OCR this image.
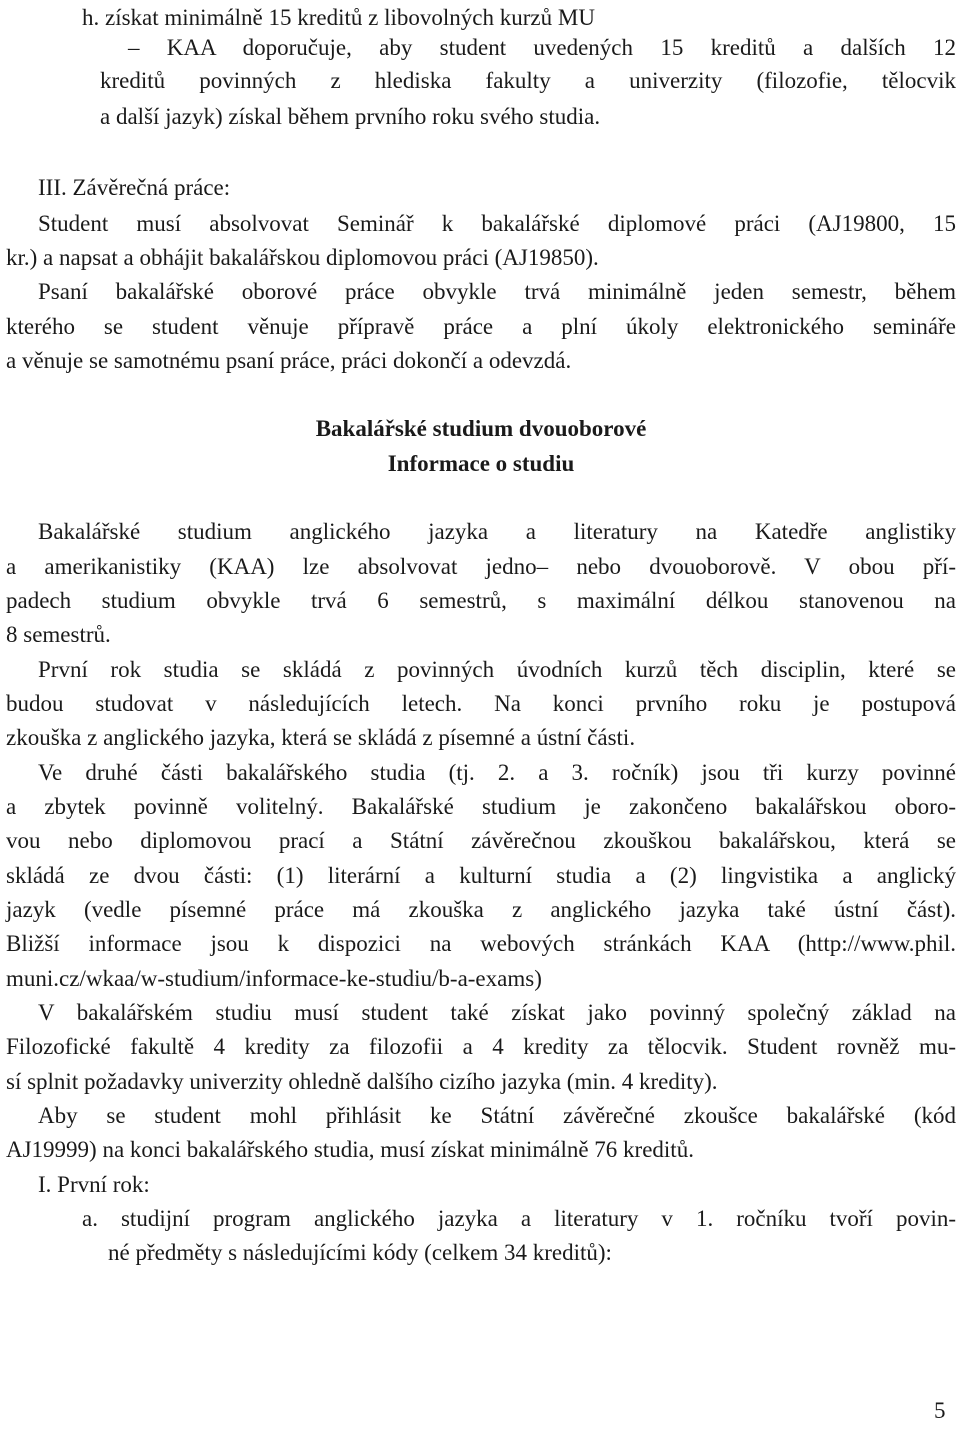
h. získat minimálně 15 kreditů z libovolných kurzů MU
– KAA doporučuje, aby student uvedených 15 kreditů a dalších 12
kreditů povinných z hlediska fakulty a univerzity (filozofie, tělocvik
a další jazyk) získal během prvního roku svého studia.
III. Závěrečná práce:
Student musí absolvovat Seminář k bakalářské diplomové práci (AJ19800, 15
kr.) a napsat a obhájit bakalářskou diplomovou práci (AJ19850).
Psaní bakalářské oborové práce obvykle trvá minimálně jeden semestr, během
kterého se student věnuje přípravě práce a plní úkoly elektronického semináře
a věnuje se samotnému psaní práce, práci dokončí a odevzdá.
Bakalářské studium dvouoborové
Informace o studiu
Bakalářské studium anglického jazyka a literatury na Katedře anglistiky
a amerikanistiky (KAA) lze absolvovat jedno– nebo dvouoborově. V obou pří-
padech studium obvykle trvá 6 semestrů, s maximální délkou stanovenou na
8 semestrů.
První rok studia se skládá z povinných úvodních kurzů těch disciplin, které se
budou studovat v následujících letech. Na konci prvního roku je postupová
zkouška z anglického jazyka, která se skládá z písemné a ústní části.
Ve druhé části bakalářského studia (tj. 2. a 3. ročník) jsou tři kurzy povinné
a zbytek povinně volitelný. Bakalářské studium je zakončeno bakalářskou oboro-
vou nebo diplomovou prací a Státní závěrečnou zkouškou bakalářskou, která se
skládá ze dvou části: (1) literární a kulturní studia a (2) lingvistika a anglický
jazyk (vedle písemné práce má zkouška z anglického jazyka také ústní část).
Bližší informace jsou k dispozici na webových stránkách KAA (http://www.phil.
muni.cz/wkaa/w-studium/informace-ke-studiu/b-a-exams)
V bakalářském studiu musí student také získat jako povinný společný základ na
Filozofické fakultě 4 kredity za filozofii a 4 kredity za tělocvik. Student rovněž mu-
sí splnit požadavky univerzity ohledně dalšího cizího jazyka (min. 4 kredity).
Aby se student mohl přihlásit ke Státní závěrečné zkoušce bakalářské (kód
AJ19999) na konci bakalářského studia, musí získat minimálně 76 kreditů.
I. První rok:
a. studijní program anglického jazyka a literatury v 1. ročníku tvoří povin-
né předměty s následujícími kódy (celkem 34 kreditů):
5
